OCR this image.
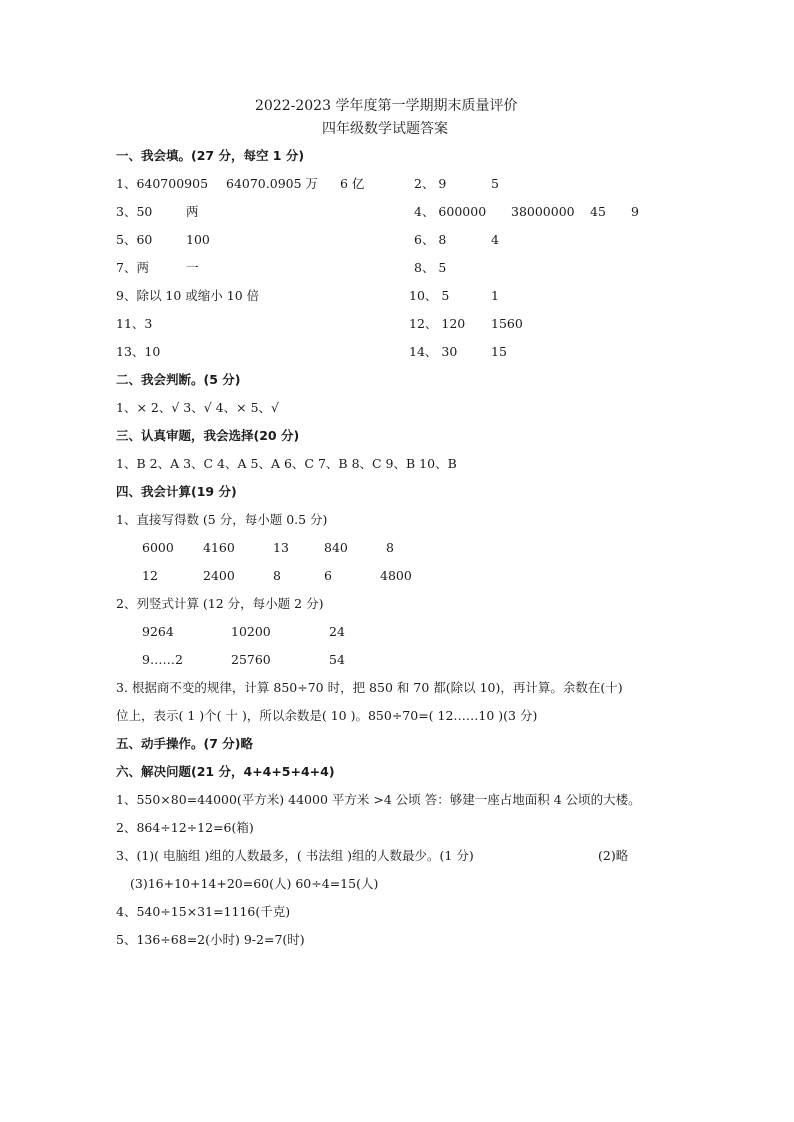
2022-2023 学年度第一学期期末质量评价
四年级数学试题答案
一、我会填。(27 分，每空 1 分)
1、640700905 64070.0905 万 6 亿	2、 9	5
3、50	两	4、 600000 38000000 45 9
5、60	100	6、 8	4
7、两	一	8、 5
9、除以 10 或缩小 10 倍	10、 5	1
11、3	12、 120 1560
13、10	14、 30	15
二、我会判断。(5 分)
1、× 2、√ 3、√ 4、× 5、√
三、认真审题，我会选择(20 分)
1、B 2、A 3、C 4、A 5、A 6、C 7、B 8、C 9、B 10、B
四、我会计算(19 分)
1、直接写得数 (5 分，每小题 0.5 分)
6000 4160	13	840	8
12	2400	8	6	4800
2、列竖式计算 (12 分，每小题 2 分)
9264	10200	24
9……2	25760	54
3. 根据商不变的规律，计算 850÷70 时，把 850 和 70 都(除以 10)，再计算。余数在(十)
位上，表示( 1 )个( 十 )，所以余数是( 10 )。850÷70=( 12……10 )(3 分)
五、动手操作。(7 分)略
六、解决问题(21 分，4+4+5+4+4)
1、550×80=44000(平方米) 44000 平方米 >4 公顷 答：够建一座占地面积 4 公顷的大楼。
2、864÷12÷12=6(箱)
3、(1)( 电脑组 )组的人数最多，( 书法组 )组的人数最少。(1 分)	(2)略
(3)16+10+14+20=60(人) 60÷4=15(人)
4、540÷15×31=1116(千克)
5、136÷68=2(小时) 9-2=7(时)
